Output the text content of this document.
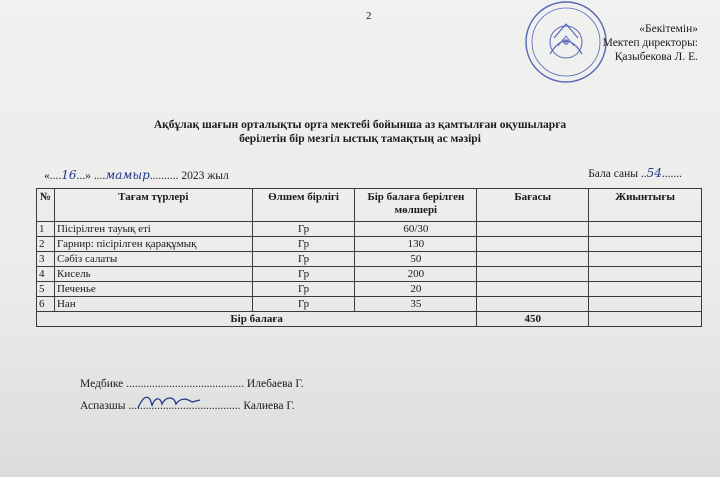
2
«Бекітемін»
Мектеп директоры:
Қазыбекова Л. Е.
Ақбұлақ шағын орталықты орта мектебі бойынша аз қамтылған оқушыларға
берілетін бір мезгіл ыстық тамақтың ас мәзірі
«....16...» ....мамыр.......... 2023 жыл	Бала саны ..54.......
№	Тағам түрлері	Өлшем бірлігі	Бір балаға берілген мөлшері	Бағасы	Жиынтығы
1	Пісірілген тауық еті	Гр	60/30		
2	Гарнир: пісірілген қарақұмық	Гр	130		
3	Сәбіз салаты	Гр	50		
4	Кисель	Гр	200		
5	Печенье	Гр	20		
6	Нан	Гр	35		
Бір балаға				450	
Медбике ......................................... Илебаева Г.
Аспазшы .......................................
Калиева Г.
